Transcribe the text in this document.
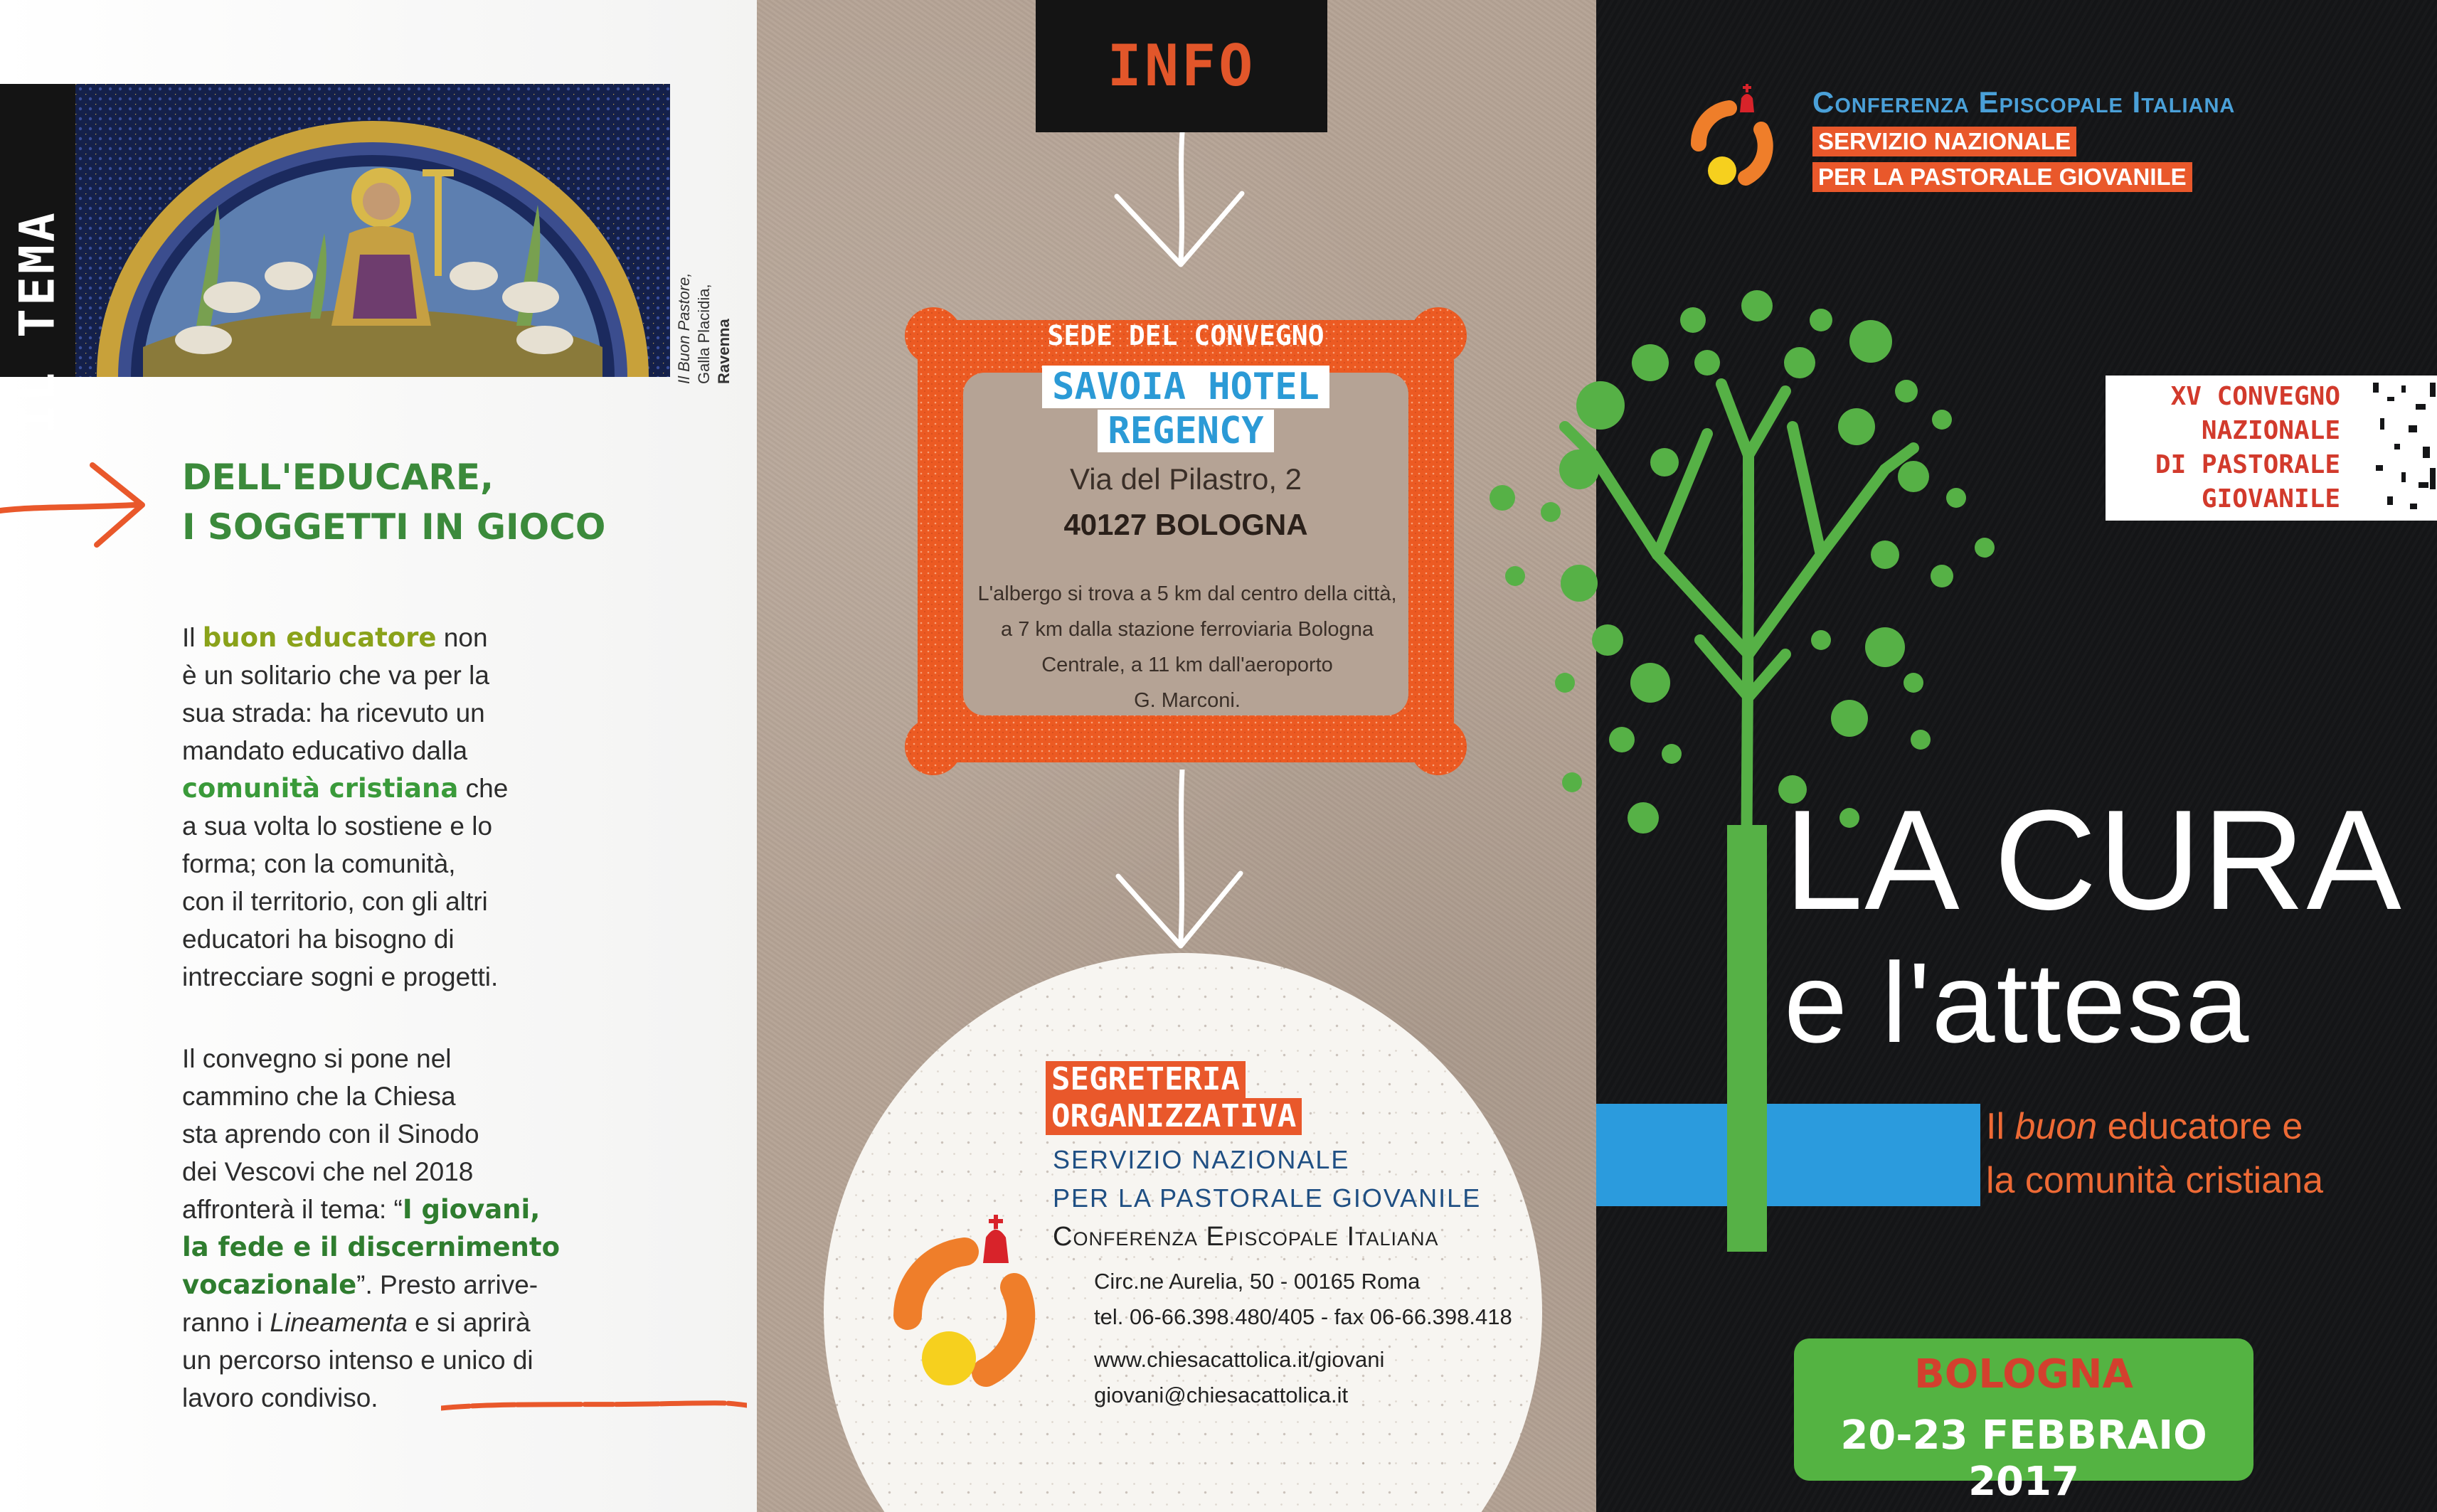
IL TEMA	Il Buon Pastore, Galla Placidia, Ravenna
DELL'EDUCARE,
I SOGGETTI IN GIOCO
Il buon educatore non
è un solitario che va per la
sua strada: ha ricevuto un
mandato educativo dalla
comunità cristiana che
a sua volta lo sostiene e lo
forma; con la comunità,
con il territorio, con gli altri
educatori ha bisogno di
intrecciare sogni e progetti.
Il convegno si pone nel
cammino che la Chiesa
sta aprendo con il Sinodo
dei Vescovi che nel 2018
affronterà il tema: “I giovani,
la fede e il discernimento
vocazionale”. Presto arrive-
ranno i Lineamenta e si aprirà
un percorso intenso e unico di
lavoro condiviso.
INFO
SEDE DEL CONVEGNO
SAVOIA HOTEL
REGENCY
Via del Pilastro, 2
40127 BOLOGNA
L'albergo si trova a 5 km dal centro della città,
a 7 km dalla stazione ferroviaria Bologna
Centrale, a 11 km dall'aeroporto
G. Marconi.
SEGRETERIA
ORGANIZZATIVA
SERVIZIO NAZIONALE
PER LA PASTORALE GIOVANILE
Conferenza Episcopale Italiana
Circ.ne Aurelia, 50 - 00165 Roma
tel. 06-66.398.480/405 - fax 06-66.398.418
www.chiesacattolica.it/giovani
giovani@chiesacattolica.it
Conferenza Episcopale Italiana
SERVIZIO NAZIONALE
PER LA PASTORALE GIOVANILE
XV CONVEGNO
NAZIONALE
DI PASTORALE
GIOVANILE
LA CURA
e l'attesa
Il buon educatore e
la comunità cristiana
BOLOGNA
20-23 FEBBRAIO 2017
